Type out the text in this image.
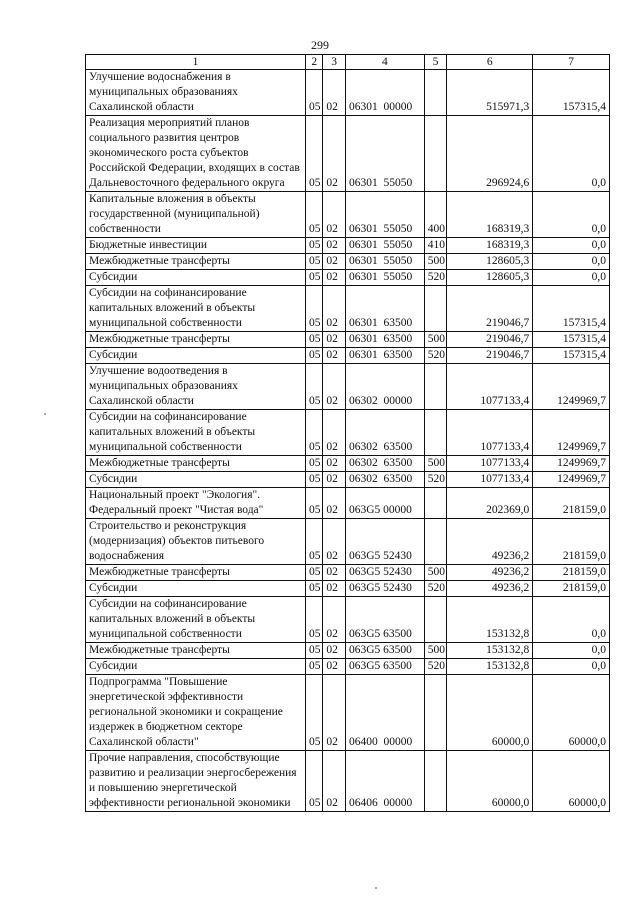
299
1	2	3	4	5	6	7
Улучшение водоснабжения в муниципальных образованиях Сахалинской области	05	02	06301  00000		515971,3	157315,4
Реализация мероприятий планов социального развития центров экономического роста субъектов Российской Федерации, входящих в состав Дальневосточного федерального округа	05	02	06301  55050		296924,6	0,0
Капитальные вложения в объекты государственной (муниципальной) собственности	05	02	06301  55050	400	168319,3	0,0
Бюджетные инвестиции	05	02	06301  55050	410	168319,3	0,0
Межбюджетные трансферты	05	02	06301  55050	500	128605,3	0,0
Субсидии	05	02	06301  55050	520	128605,3	0,0
Субсидии на софинансирование капитальных вложений в объекты муниципальной собственности	05	02	06301  63500		219046,7	157315,4
Межбюджетные трансферты	05	02	06301  63500	500	219046,7	157315,4
Субсидии	05	02	06301  63500	520	219046,7	157315,4
Улучшение водоотведения в муниципальных образованиях Сахалинской области	05	02	06302  00000		1077133,4	1249969,7
Субсидии на софинансирование капитальных вложений в объекты муниципальной собственности	05	02	06302  63500		1077133,4	1249969,7
Межбюджетные трансферты	05	02	06302  63500	500	1077133,4	1249969,7
Субсидии	05	02	06302  63500	520	1077133,4	1249969,7
Национальный проект "Экология". Федеральный проект "Чистая вода"	05	02	063G5 00000		202369,0	218159,0
Строительство и реконструкция (модернизация) объектов питьевого водоснабжения	05	02	063G5 52430		49236,2	218159,0
Межбюджетные трансферты	05	02	063G5 52430	500	49236,2	218159,0
Субсидии	05	02	063G5 52430	520	49236,2	218159,0
Субсидии на софинансирование капитальных вложений в объекты муниципальной собственности	05	02	063G5 63500		153132,8	0,0
Межбюджетные трансферты	05	02	063G5 63500	500	153132,8	0,0
Субсидии	05	02	063G5 63500	520	153132,8	0,0
Подпрограмма "Повышение энергетической эффективности региональной экономики и сокращение издержек в бюджетном секторе Сахалинской области"	05	02	06400  00000		60000,0	60000,0
Прочие направления, способствующие развитию и реализации энергосбережения и повышению энергетической эффективности региональной экономики	05	02	06406  00000		60000,0	60000,0
